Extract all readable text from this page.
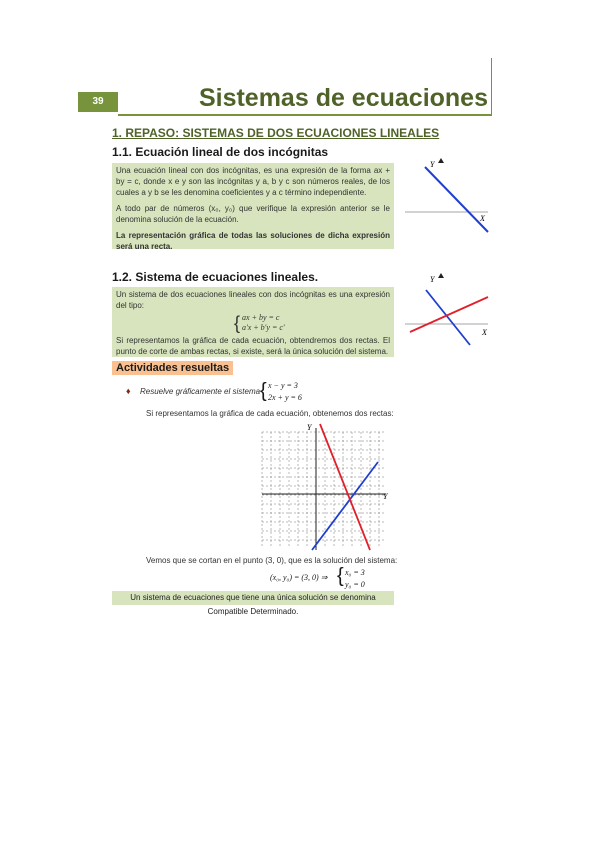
39	Sistemas de ecuaciones
1. REPASO: SISTEMAS DE DOS ECUACIONES LINEALES
1.1. Ecuación lineal de dos incógnitas

Una ecuación lineal con dos incógnitas, es una expresión de la forma ax + by = c, donde x e y son las incógnitas y a, b y c son números reales, de los cuales a y b se les denomina coeficientes y a c término independiente.

A todo par de números (x₀, y₀) que verifique la expresión anterior se le denomina solución de la ecuación.

La representación gráfica de todas las soluciones de dicha expresión será una recta.

Y
X
1.2. Sistema de ecuaciones lineales.

Un sistema de dos ecuaciones lineales con dos incógnitas es una expresión del tipo:

{ ax + by = c
a'x + b'y = c'

Si representamos la gráfica de cada ecuación, obtendremos dos rectas. El punto de corte de ambas rectas, si existe, será la única solución del sistema.

Y
X
Actividades resueltas
♦ Resuelve gráficamente el sistema { x − y = 3
2x + y = 6
Si representamos la gráfica de cada ecuación, obtenemos dos rectas:
Y
Y
Vemos que se cortan en el punto (3, 0), que es la solución del sistema:
(x₀, y₀) = (3, 0) ⇒ { x₀ = 3
y₀ = 0
Un sistema de ecuaciones que tiene una única solución se denomina Compatible Determinado.
